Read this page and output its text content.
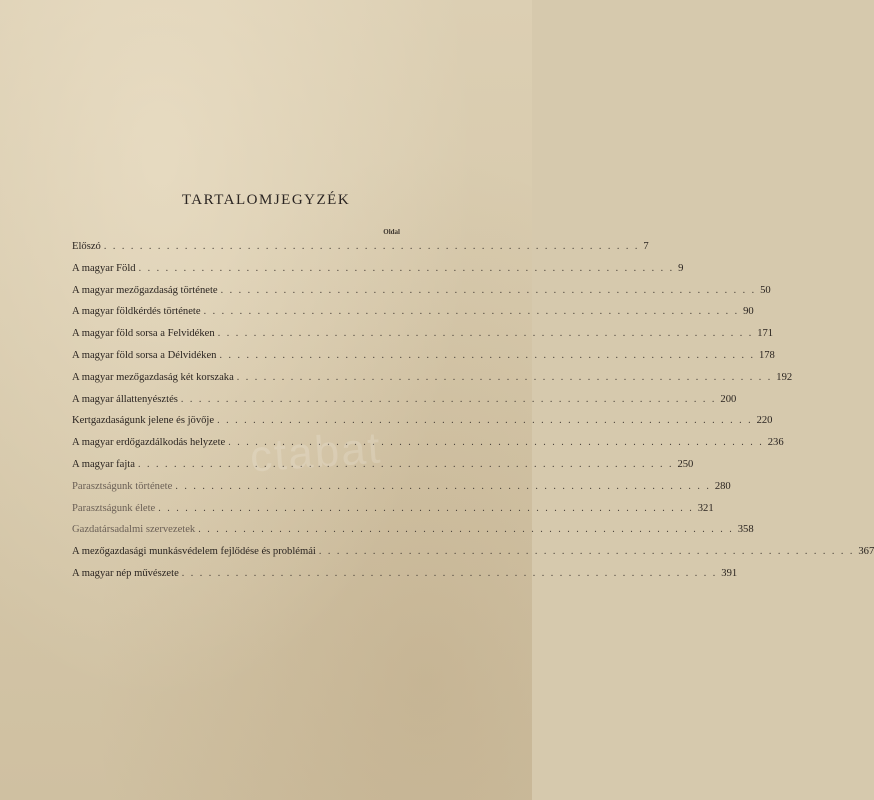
TARTALOMJEGYZÉK
Oldal
Előszó . . . . . . . . . . . . . . . . . . . . . . . . . . . . . . . . . . . . . . . . . . . . . . . . . . . . . . . . . . . . 7
A magyar Föld . . . . . . . . . . . . . . . . . . . . . . . . . . . . . . . . . . . . . . . . . . . . . . . . . . . . . . . . . . . . 9
A magyar mezőgazdaság története . . . . . . . . . . . . . . . . . . . . . . . . . . . . . . . . . . . . . . . . . . . . . . . . . . . . . . . . . . . . 50
A magyar földkérdés története . . . . . . . . . . . . . . . . . . . . . . . . . . . . . . . . . . . . . . . . . . . . . . . . . . . . . . . . . . . . 90
A magyar föld sorsa a Felvidéken . . . . . . . . . . . . . . . . . . . . . . . . . . . . . . . . . . . . . . . . . . . . . . . . . . . . . . . . . . . . 171
A magyar föld sorsa a Délvidéken . . . . . . . . . . . . . . . . . . . . . . . . . . . . . . . . . . . . . . . . . . . . . . . . . . . . . . . . . . . . 178
A magyar mezőgazdaság két korszaka . . . . . . . . . . . . . . . . . . . . . . . . . . . . . . . . . . . . . . . . . . . . . . . . . . . . . . . . . . . . 192
A magyar állattenyésztés . . . . . . . . . . . . . . . . . . . . . . . . . . . . . . . . . . . . . . . . . . . . . . . . . . . . . . . . . . . . 200
Kertgazdaságunk jelene és jövője . . . . . . . . . . . . . . . . . . . . . . . . . . . . . . . . . . . . . . . . . . . . . . . . . . . . . . . . . . . . 220
A magyar erdőgazdálkodás helyzete . . . . . . . . . . . . . . . . . . . . . . . . . . . . . . . . . . . . . . . . . . . . . . . . . . . . . . . . . . . . 236
A magyar fajta . . . . . . . . . . . . . . . . . . . . . . . . . . . . . . . . . . . . . . . . . . . . . . . . . . . . . . . . . . . . 250
Parasztságunk története . . . . . . . . . . . . . . . . . . . . . . . . . . . . . . . . . . . . . . . . . . . . . . . . . . . . . . . . . . . . 280
Parasztságunk élete . . . . . . . . . . . . . . . . . . . . . . . . . . . . . . . . . . . . . . . . . . . . . . . . . . . . . . . . . . . . 321
Gazdatársadalmi szervezetek . . . . . . . . . . . . . . . . . . . . . . . . . . . . . . . . . . . . . . . . . . . . . . . . . . . . . . . . . . . . 358
A mezőgazdasági munkásvédelem fejlődése és problémái . . . . . . . . . . . . . . . . . . . . . . . . . . . . . . . . . . . . . . . . . . . . . . . . . . . . . . . . . . . . 367
A magyar nép művészete . . . . . . . . . . . . . . . . . . . . . . . . . . . . . . . . . . . . . . . . . . . . . . . . . . . . . . . . . . . . 391
ctabat
